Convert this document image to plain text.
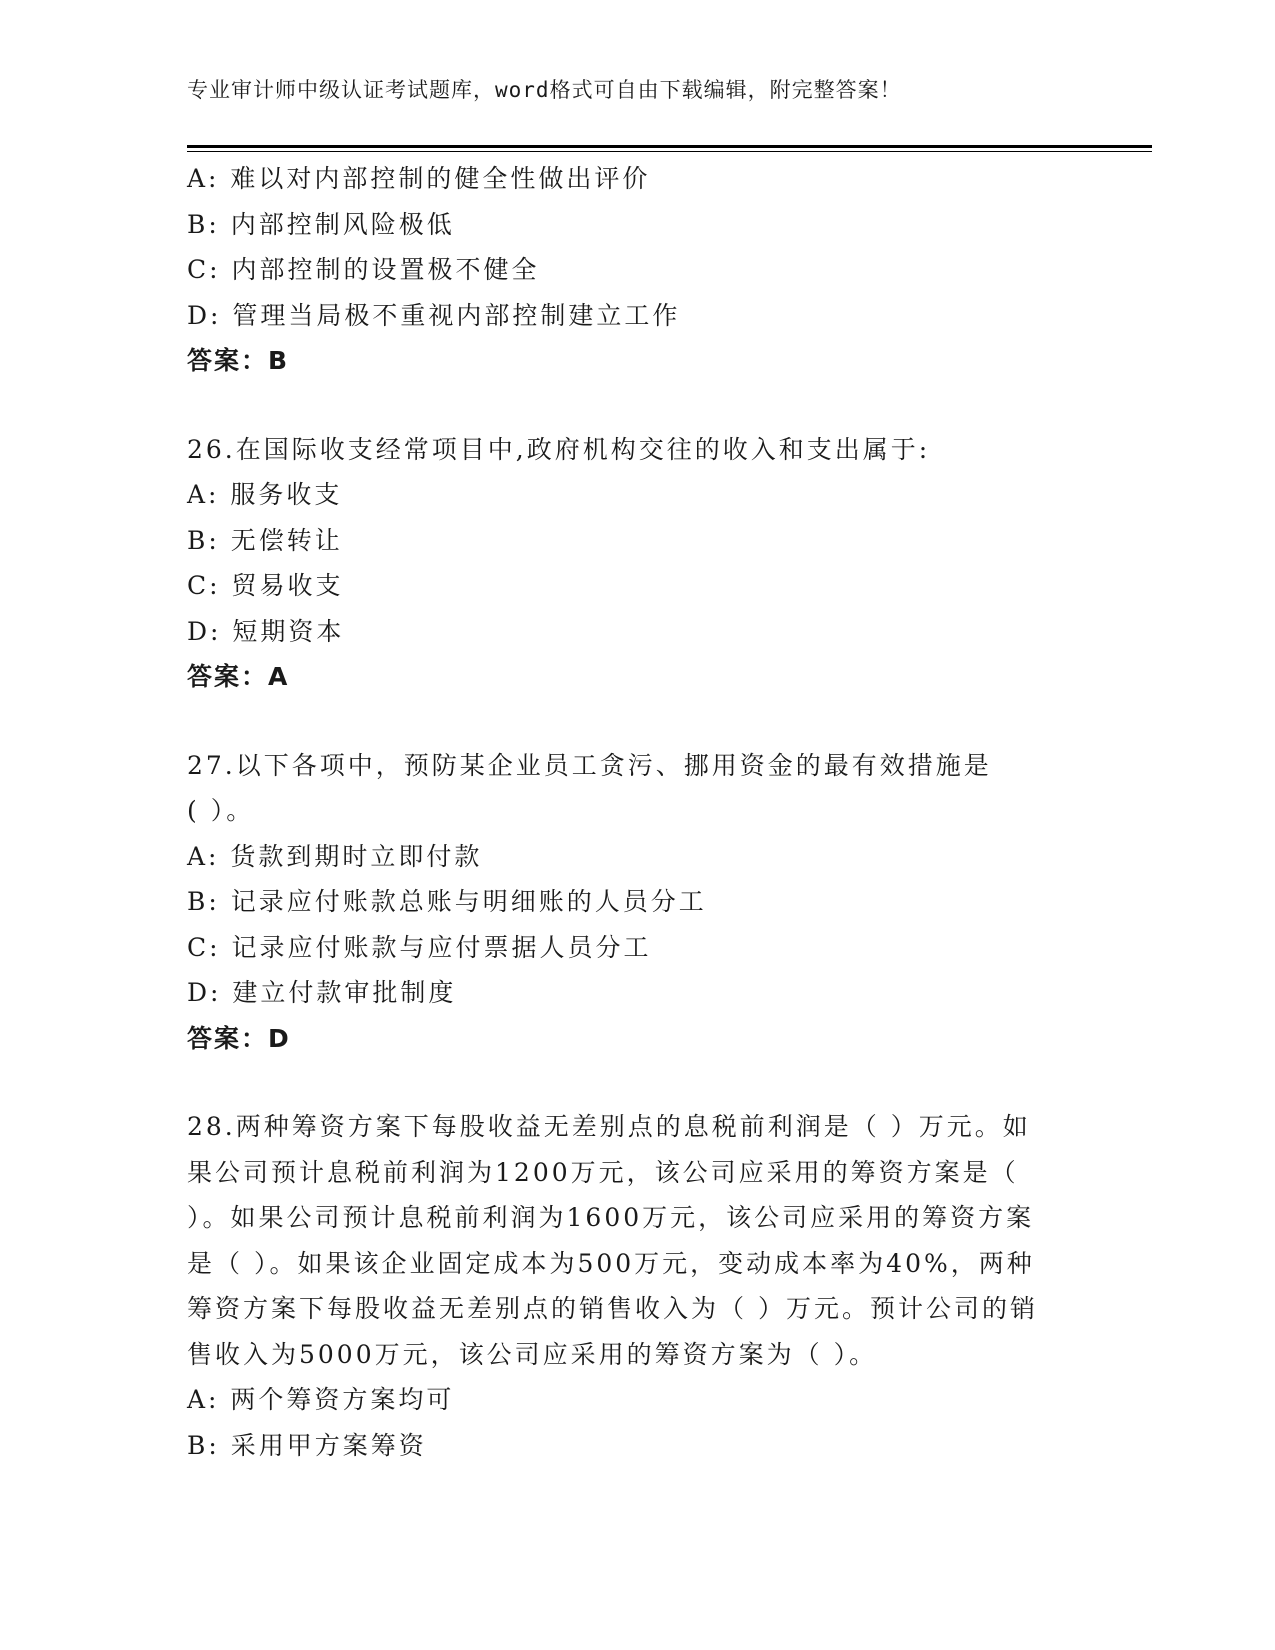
专业审计师中级认证考试题库，word格式可自由下载编辑，附完整答案！
A: 难以对内部控制的健全性做出评价
B: 内部控制风险极低
C: 内部控制的设置极不健全
D: 管理当局极不重视内部控制建立工作
答案：B
26.在国际收支经常项目中,政府机构交往的收入和支出属于:
A: 服务收支
B: 无偿转让
C: 贸易收支
D: 短期资本
答案：A
27.以下各项中，预防某企业员工贪污、挪用资金的最有效措施是
( ）。
A: 货款到期时立即付款
B: 记录应付账款总账与明细账的人员分工
C: 记录应付账款与应付票据人员分工
D: 建立付款审批制度
答案：D
28.两种筹资方案下每股收益无差别点的息税前利润是（ ）万元。如
果公司预计息税前利润为1200万元，该公司应采用的筹资方案是（
）。如果公司预计息税前利润为1600万元，该公司应采用的筹资方案
是（ ）。如果该企业固定成本为500万元，变动成本率为40%，两种
筹资方案下每股收益无差别点的销售收入为（ ）万元。预计公司的销
售收入为5000万元，该公司应采用的筹资方案为（ ）。
A: 两个筹资方案均可
B: 采用甲方案筹资
